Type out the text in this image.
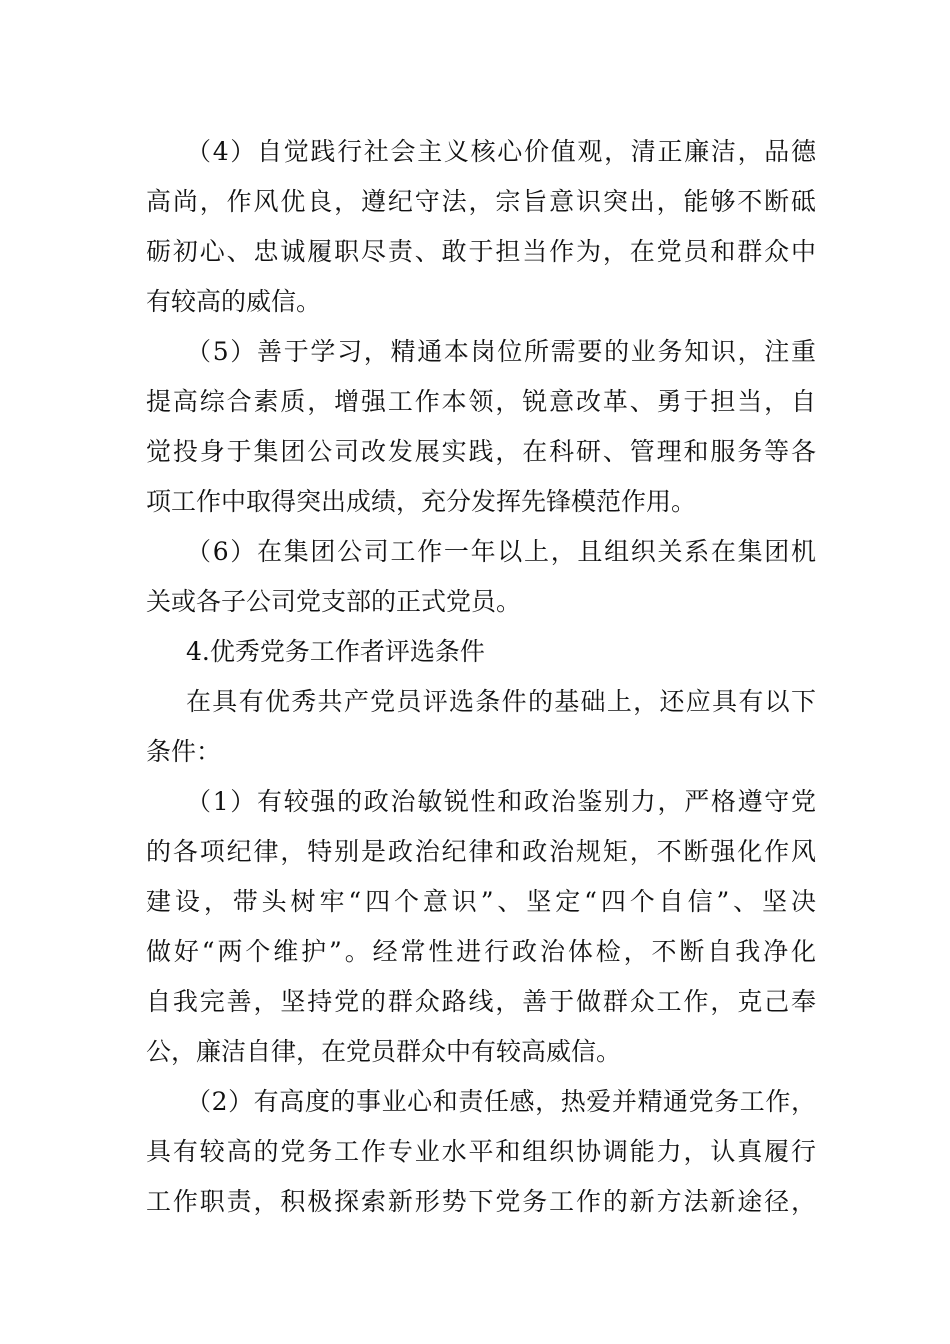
（4）自觉践行社会主义核心价值观，清正廉洁，品德
高尚，作风优良，遵纪守法，宗旨意识突出，能够不断砥
砺初心、忠诚履职尽责、敢于担当作为，在党员和群众中
有较高的威信。
（5）善于学习，精通本岗位所需要的业务知识，注重
提高综合素质，增强工作本领，锐意改革、勇于担当，自
觉投身于集团公司改发展实践，在科研、管理和服务等各
项工作中取得突出成绩，充分发挥先锋模范作用。
（6）在集团公司工作一年以上，且组织关系在集团机
关或各子公司党支部的正式党员。
4.优秀党务工作者评选条件
在具有优秀共产党员评选条件的基础上，还应具有以下
条件：
（1）有较强的政治敏锐性和政治鉴别力，严格遵守党
的各项纪律，特别是政治纪律和政治规矩，不断强化作风
建设，带头树牢“四个意识”、坚定“四个自信”、坚决
做好“两个维护”。经常性进行政治体检，不断自我净化
自我完善，坚持党的群众路线，善于做群众工作，克己奉
公，廉洁自律，在党员群众中有较高威信。
（2）有高度的事业心和责任感，热爱并精通党务工作，
具有较高的党务工作专业水平和组织协调能力，认真履行
工作职责，积极探索新形势下党务工作的新方法新途径，
